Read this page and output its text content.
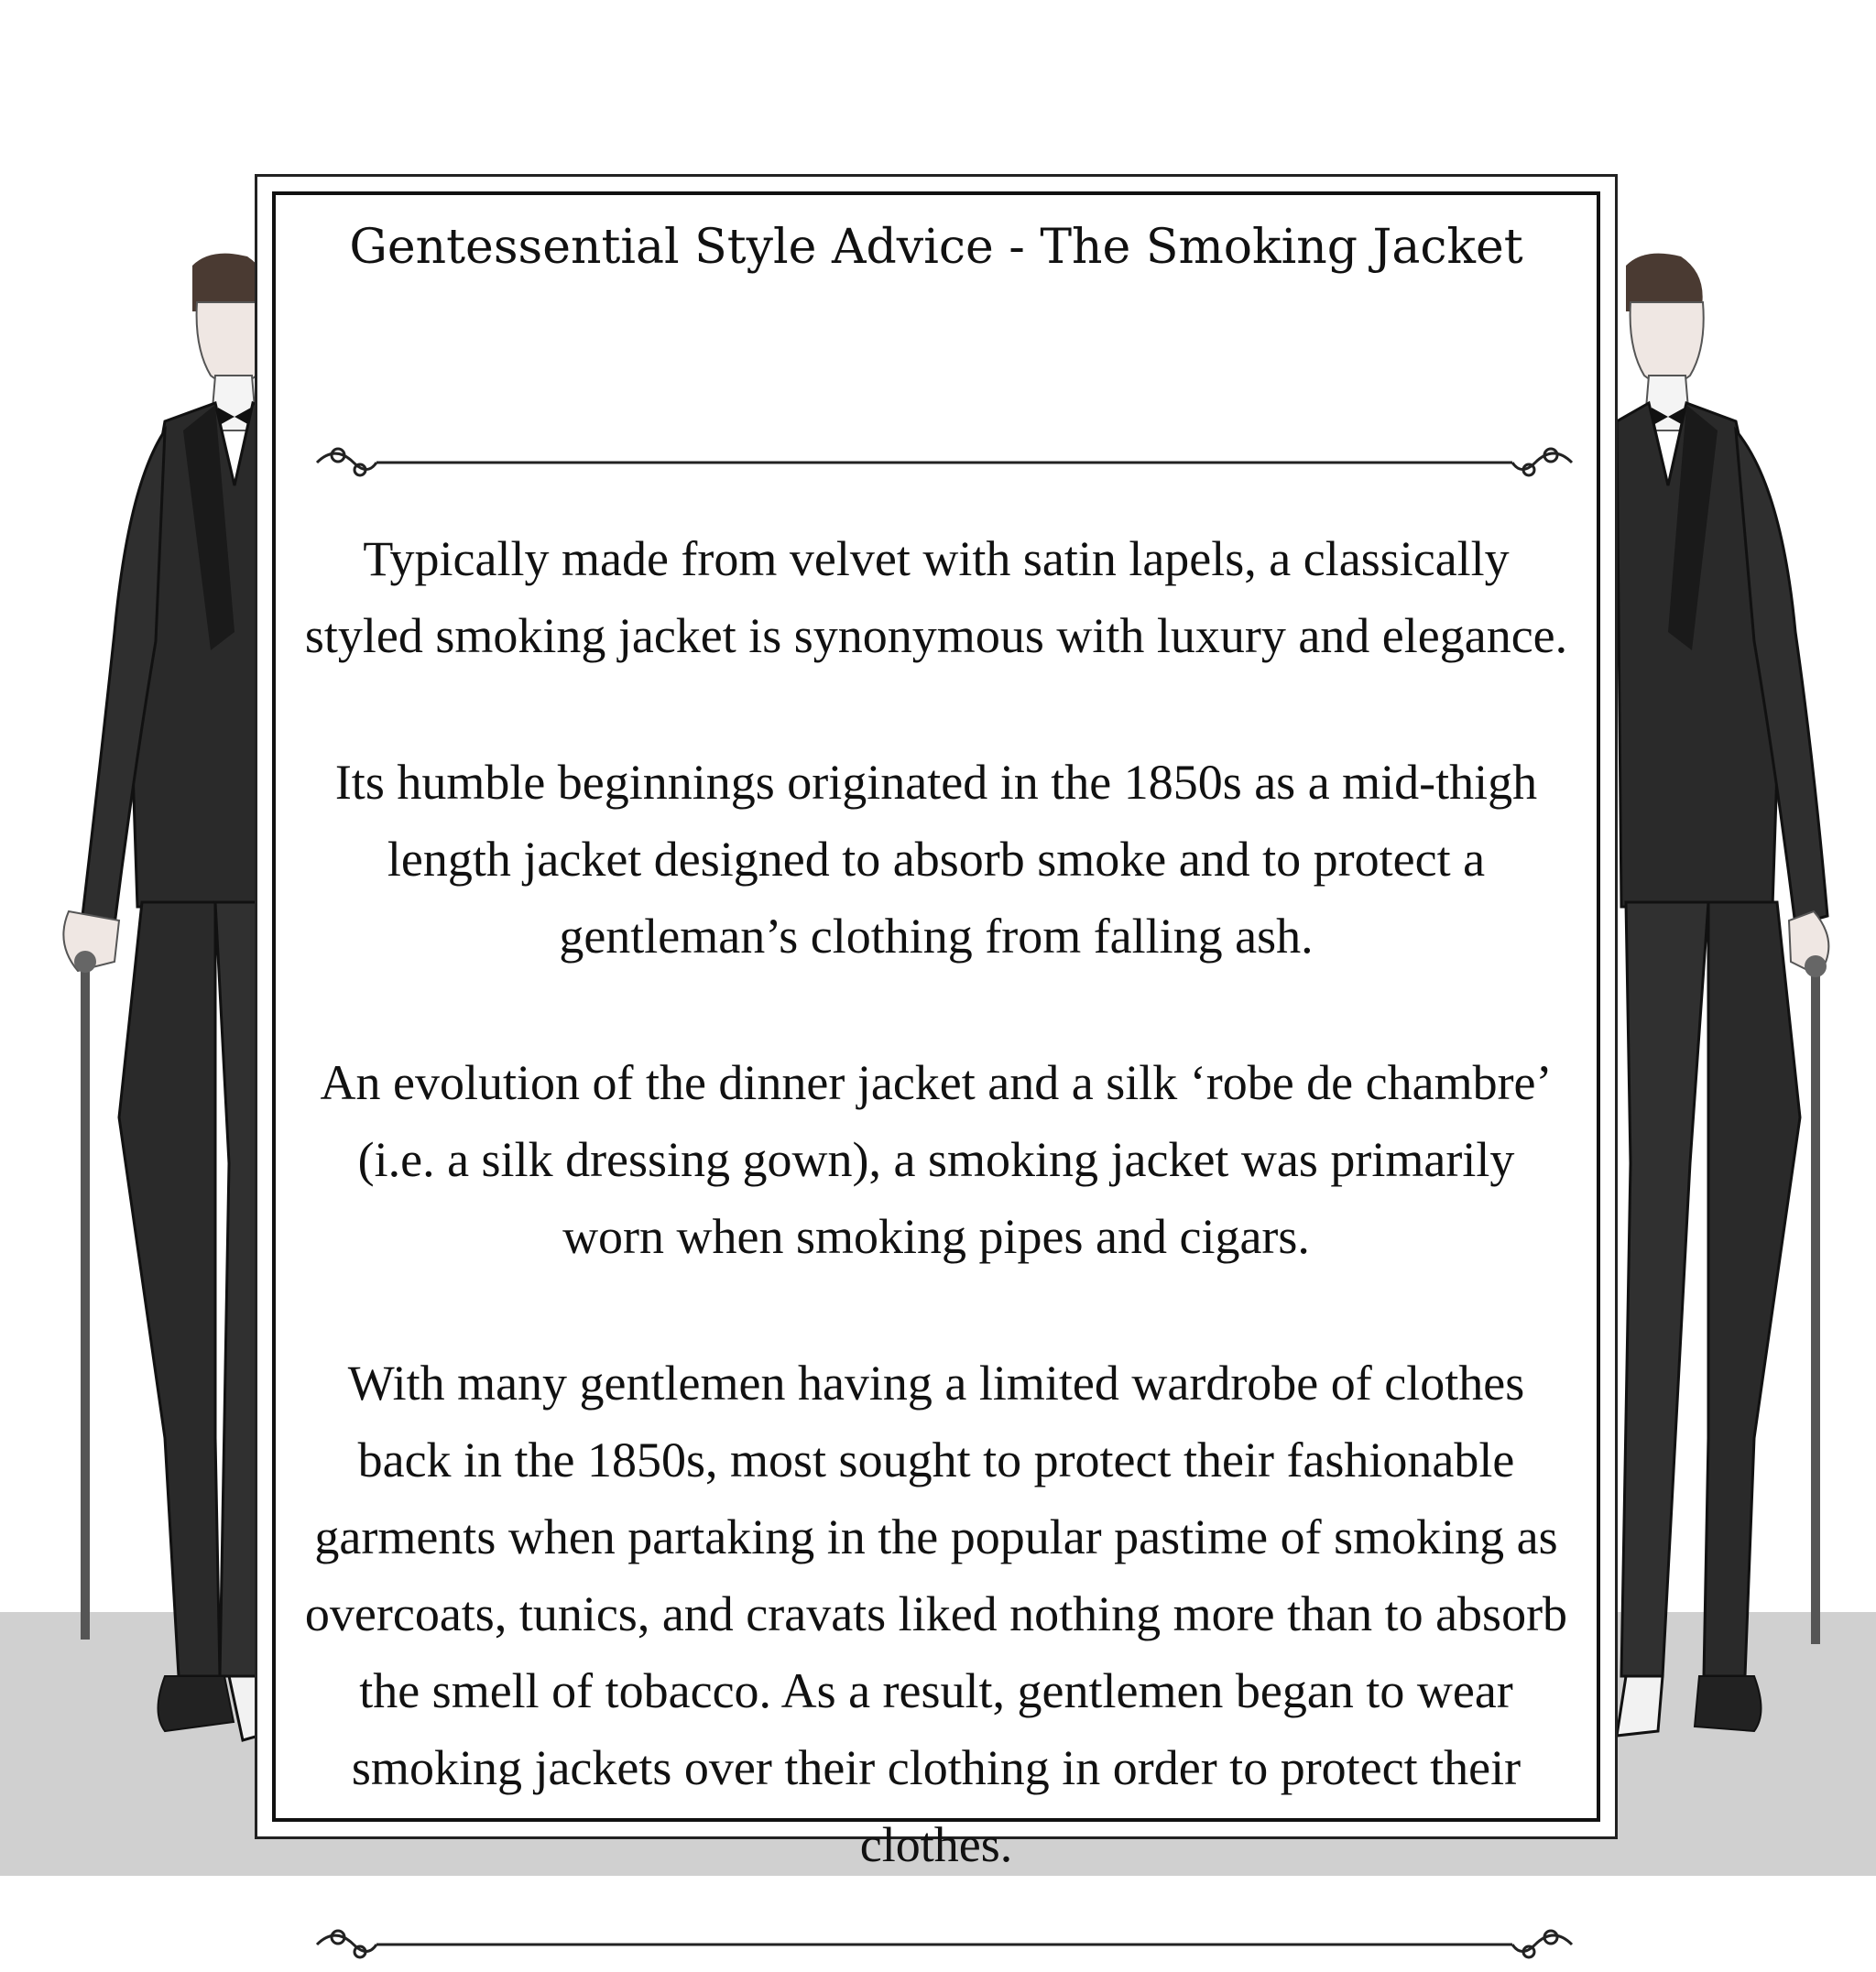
Gentessential Style Advice - The Smoking Jacket

Typically made from velvet with satin lapels, a classically styled smoking jacket is synonymous with luxury and elegance.

Its humble beginnings originated in the 1850s as a mid-thigh length jacket designed to absorb smoke and to protect a gentleman’s clothing from falling ash.

An evolution of the dinner jacket and a silk ‘robe de chambre’ (i.e. a silk dressing gown), a smoking jacket was primarily worn when smoking pipes and cigars.

With many gentlemen having a limited wardrobe of clothes back in the 1850s, most sought to protect their fashionable garments when partaking in the popular pastime of smoking as overcoats, tunics, and cravats liked nothing more than to absorb the smell of tobacco. As a result, gentlemen began to wear smoking jackets over their clothing in order to protect their clothes.
